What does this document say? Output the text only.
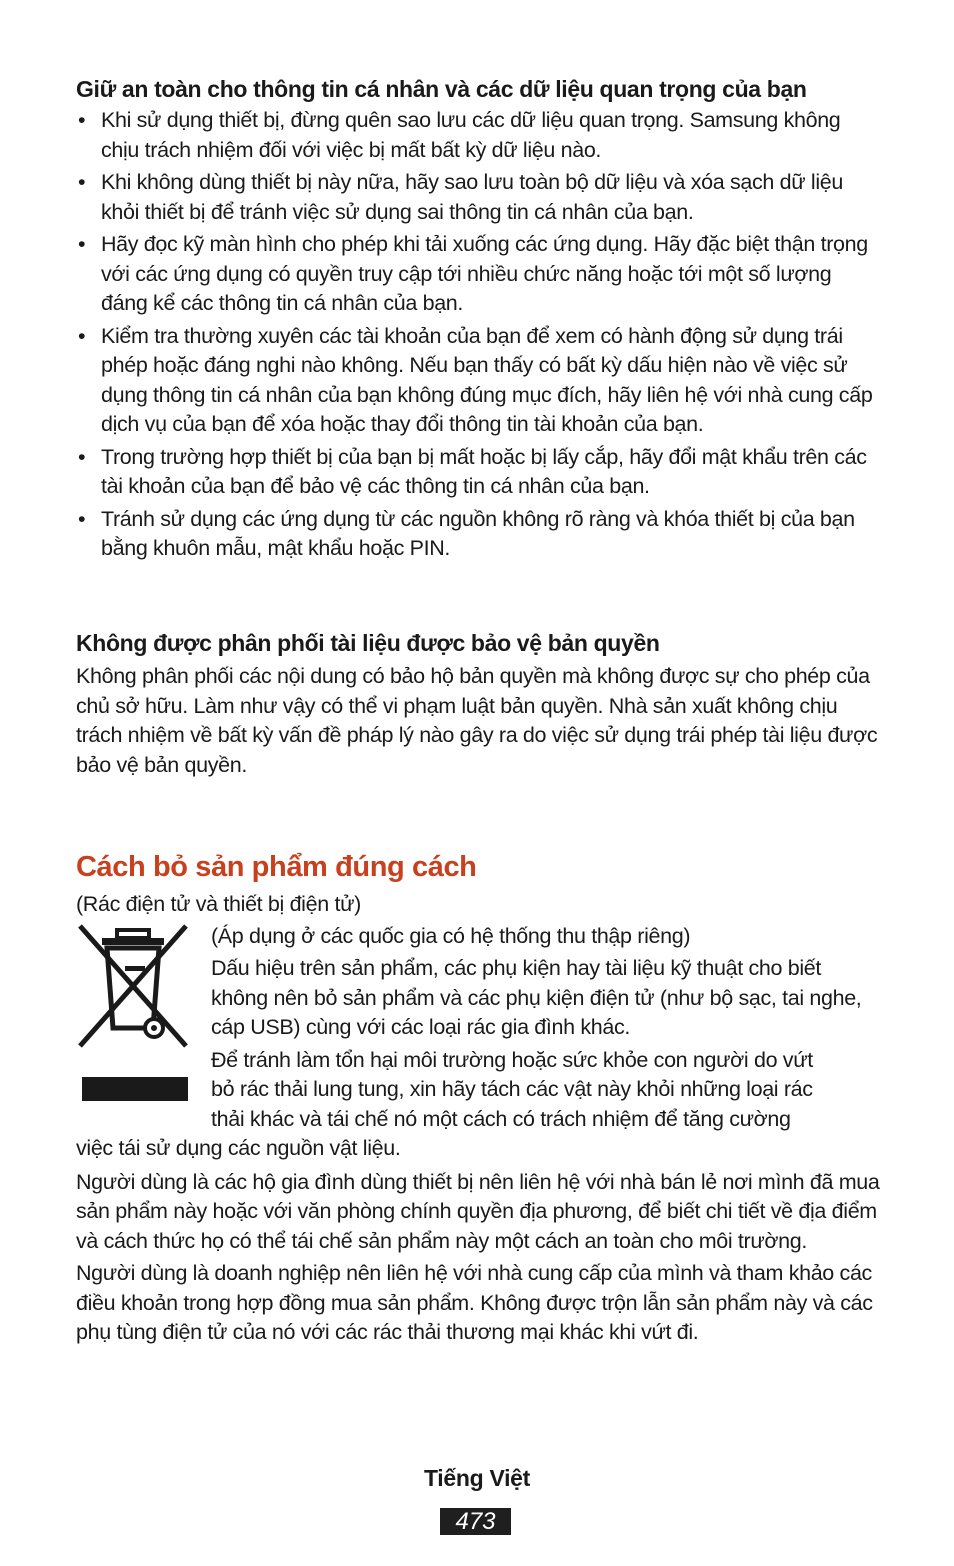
Giữ an toàn cho thông tin cá nhân và các dữ liệu quan trọng của bạn
• Khi sử dụng thiết bị, đừng quên sao lưu các dữ liệu quan trọng. Samsung không chịu trách nhiệm đối với việc bị mất bất kỳ dữ liệu nào.
• Khi không dùng thiết bị này nữa, hãy sao lưu toàn bộ dữ liệu và xóa sạch dữ liệu khỏi thiết bị để tránh việc sử dụng sai thông tin cá nhân của bạn.
• Hãy đọc kỹ màn hình cho phép khi tải xuống các ứng dụng. Hãy đặc biệt thận trọng với các ứng dụng có quyền truy cập tới nhiều chức năng hoặc tới một số lượng đáng kể các thông tin cá nhân của bạn.
• Kiểm tra thường xuyên các tài khoản của bạn để xem có hành động sử dụng trái phép hoặc đáng nghi nào không. Nếu bạn thấy có bất kỳ dấu hiện nào về việc sử dụng thông tin cá nhân của bạn không đúng mục đích, hãy liên hệ với nhà cung cấp dịch vụ của bạn để xóa hoặc thay đổi thông tin tài khoản của bạn.
• Trong trường hợp thiết bị của bạn bị mất hoặc bị lấy cắp, hãy đổi mật khẩu trên các tài khoản của bạn để bảo vệ các thông tin cá nhân của bạn.
• Tránh sử dụng các ứng dụng từ các nguồn không rõ ràng và khóa thiết bị của bạn bằng khuôn mẫu, mật khẩu hoặc PIN.
Không được phân phối tài liệu được bảo vệ bản quyền

Không phân phối các nội dung có bảo hộ bản quyền mà không được sự cho phép của chủ sở hữu. Làm như vậy có thể vi phạm luật bản quyền. Nhà sản xuất không chịu trách nhiệm về bất kỳ vấn đề pháp lý nào gây ra do việc sử dụng trái phép tài liệu được bảo vệ bản quyền.

Cách bỏ sản phẩm đúng cách

(Rác điện tử và thiết bị điện tử)

(Áp dụng ở các quốc gia có hệ thống thu thập riêng)

Dấu hiệu trên sản phẩm, các phụ kiện hay tài liệu kỹ thuật cho biết không nên bỏ sản phẩm và các phụ kiện điện tử (như bộ sạc, tai nghe, cáp USB) cùng với các loại rác gia đình khác.

Để tránh làm tổn hại môi trường hoặc sức khỏe con người do vứt
bỏ rác thải lung tung, xin hãy tách các vật này khỏi những loại rác
thải khác và tái chế nó một cách có trách nhiệm để tăng cường
việc tái sử dụng các nguồn vật liệu.

Người dùng là các hộ gia đình dùng thiết bị nên liên hệ với nhà bán lẻ nơi mình đã mua sản phẩm này hoặc với văn phòng chính quyền địa phương, để biết chi tiết về địa điểm và cách thức họ có thể tái chế sản phẩm này một cách an toàn cho môi trường.

Người dùng là doanh nghiệp nên liên hệ với nhà cung cấp của mình và tham khảo các điều khoản trong hợp đồng mua sản phẩm. Không được trộn lẫn sản phẩm này và các phụ tùng điện tử của nó với các rác thải thương mại khác khi vứt đi.

Tiếng Việt
473
